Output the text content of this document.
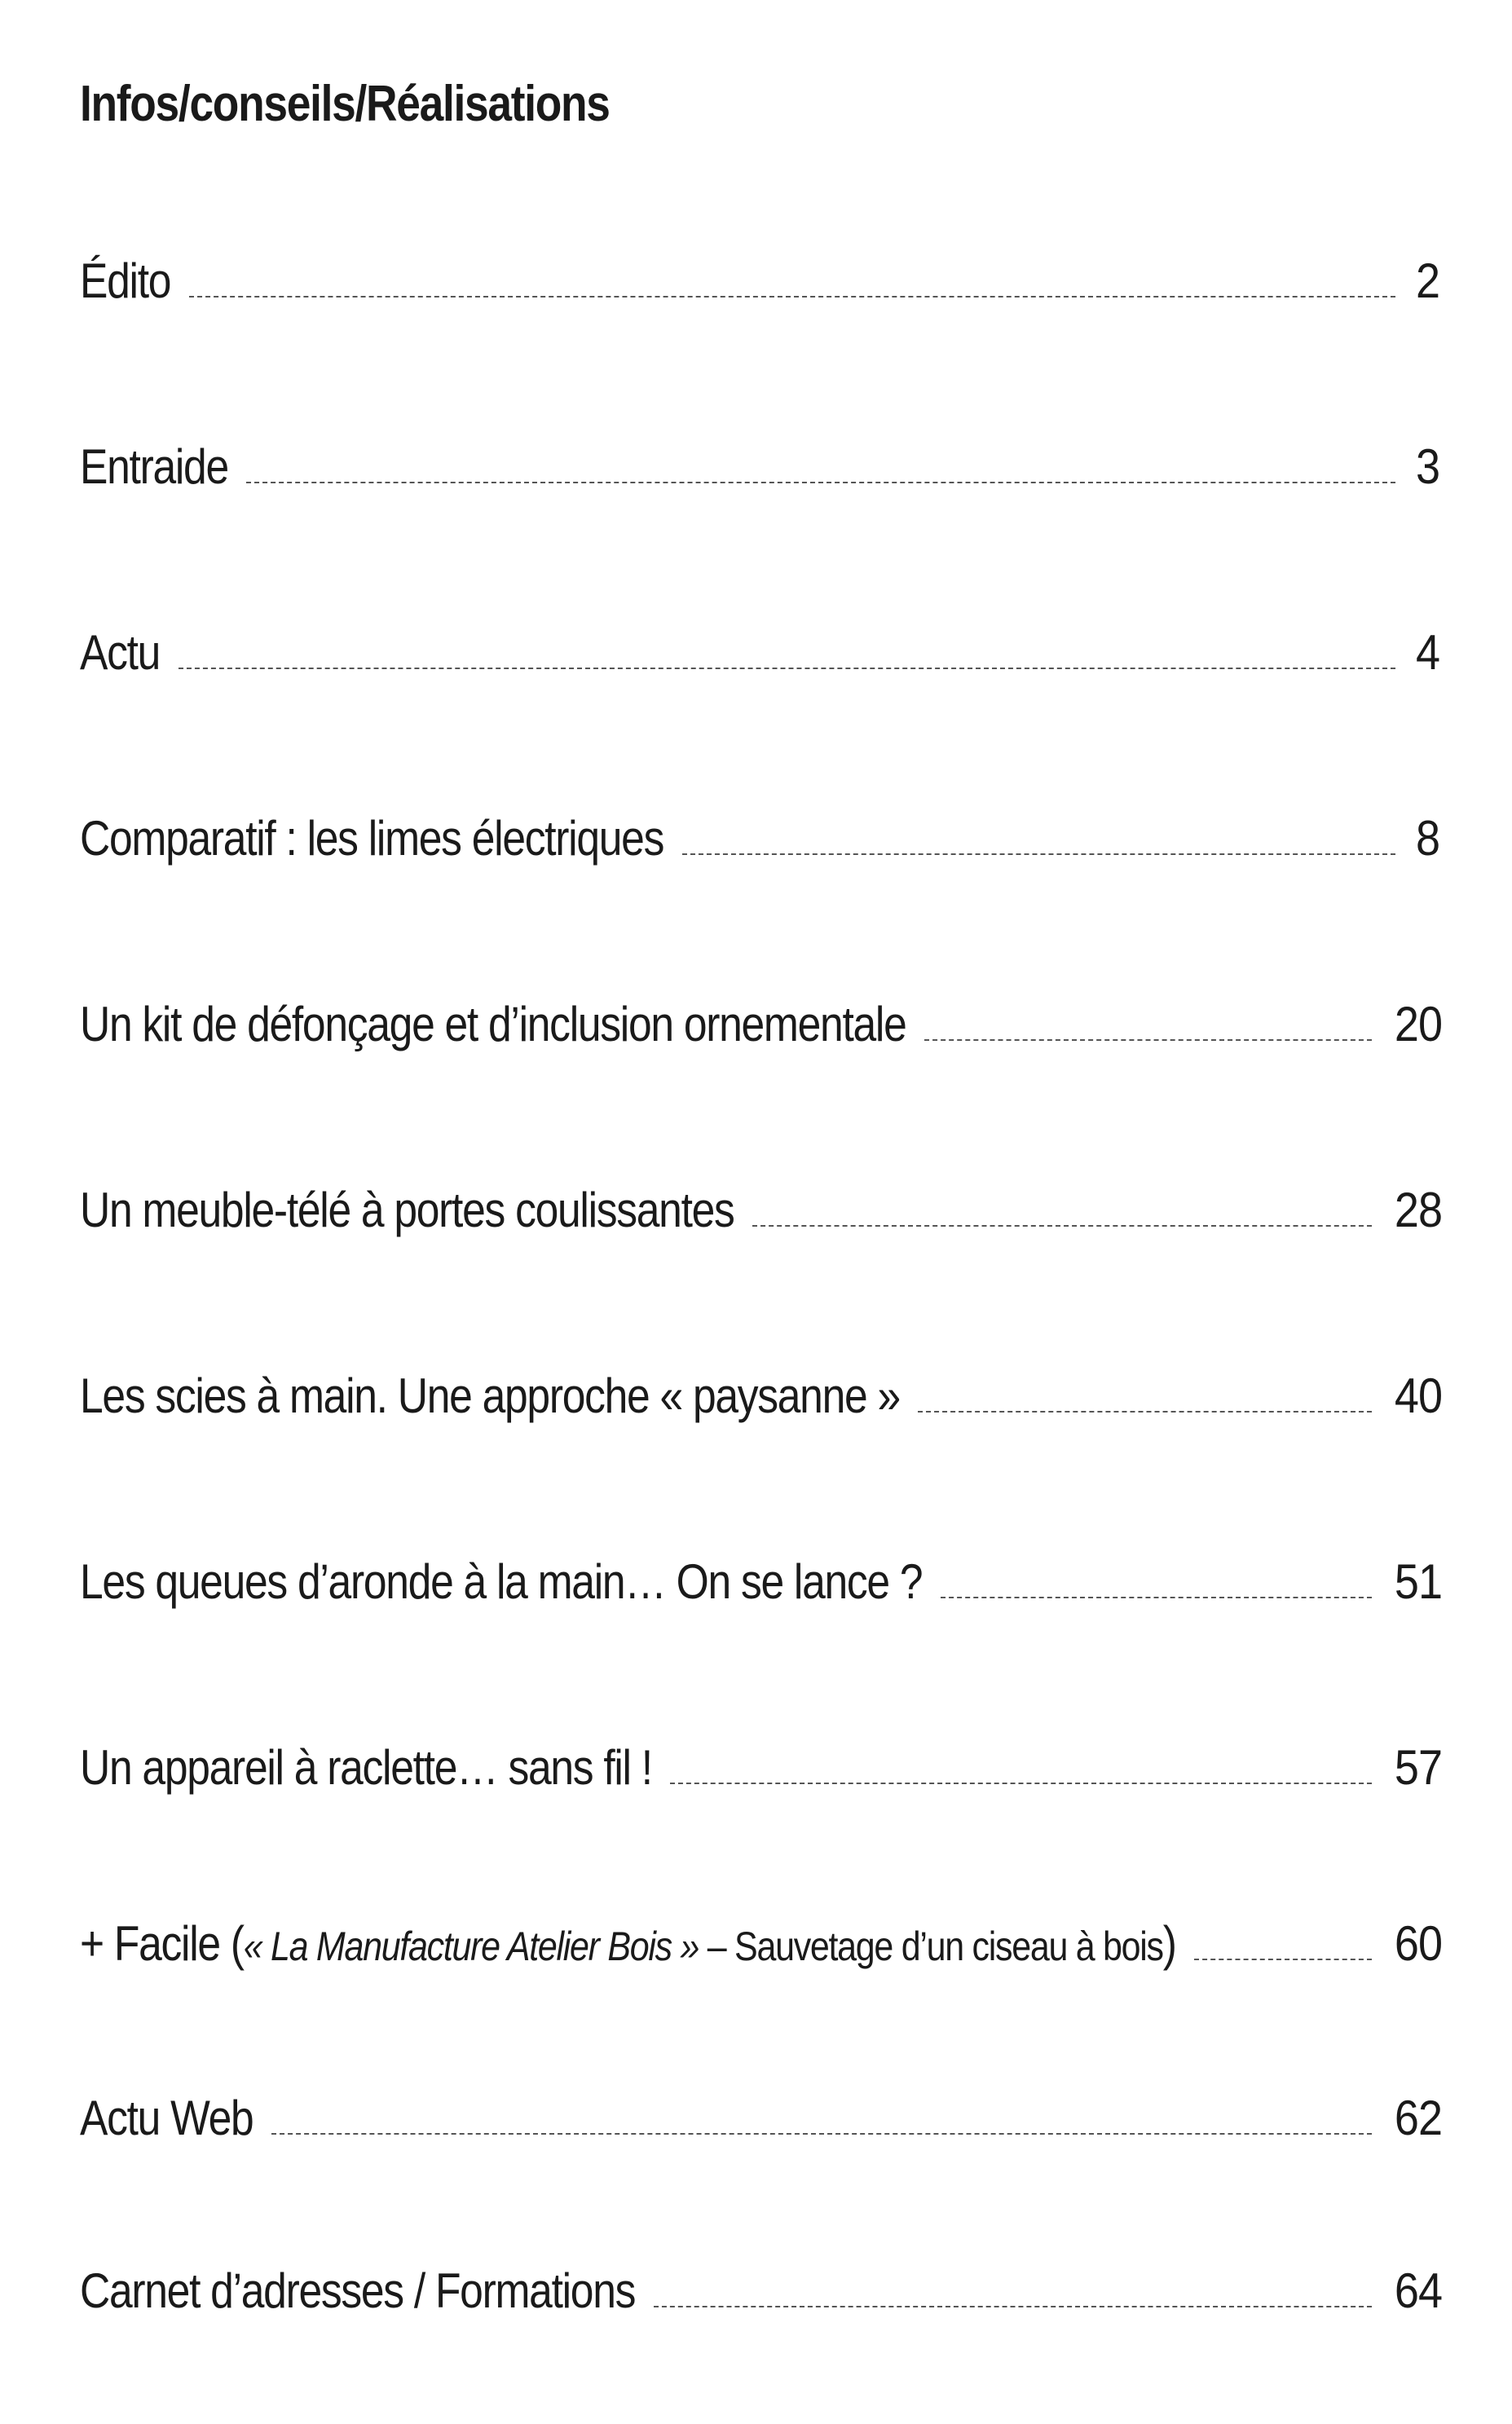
Infos/conseils/Réalisations
Édito	2
Entraide	3
Actu	4
Comparatif : les limes électriques	8
Un kit de défonçage et d’inclusion ornementale	20
Un meuble-télé à portes coulissantes	28
Les scies à main. Une approche « paysanne »	40
Les queues d’aronde à la main… On se lance ?	51
Un appareil à raclette… sans fil !	57
+ Facile (« La Manufacture Atelier Bois » – Sauvetage d’un ciseau à bois)	60
Actu Web	62
Carnet d’adresses / Formations	64
